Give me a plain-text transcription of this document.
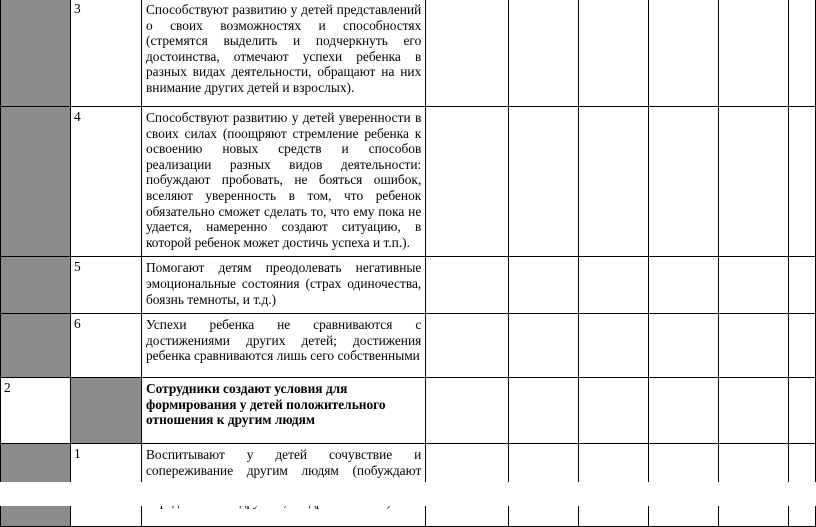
	3	Способствуют развитию у детей представлений о своих возможностях и способностях (стремятся выделить и подчеркнуть его достоинства, отмечают успехи ребенка в разных видах деятельности, обращают на них внимание других детей и взрослых).						
	4	Способствуют развитию у детей уверенности в своих силах (поощряют стремление ребенка к освоению новых средств и способов реализации разных видов деятельности: побуждают пробовать, не бояться ошибок, вселяют уверенность в том, что ребенок обязательно сможет сделать то, что ему пока не удается, намеренно создают ситуацию, в которой ребенок может достичь успеха и т.п.).						
	5	Помогают детям преодолевать негативные эмоциональные состояния (страх одиночества, боязнь темноты, и т.д.)						
	6	Успехи ребенка не сравниваются с достижениями других детей; достижения ребенка сравниваются лишь сего собственными						
2		Сотрудники создают условия для формирования у детей положительного отношения к другим людям						
	1	Воспитывают у детей сочувствие и сопереживание другим людям (побуждают						
